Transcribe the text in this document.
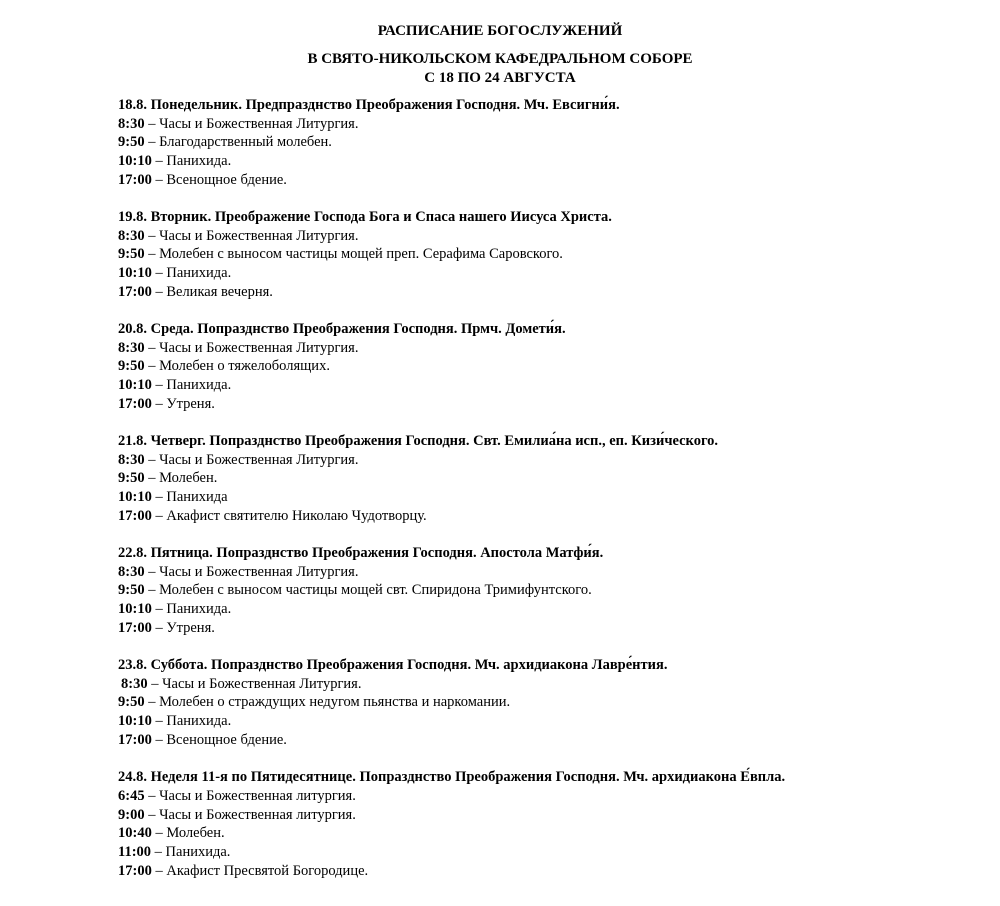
РАСПИСАНИЕ БОГОСЛУЖЕНИЙ
В СВЯТО-НИКОЛЬСКОМ КАФЕДРАЛЬНОМ СОБОРЕ
С 18 ПО 24 АВГУСТА
18.8. Понедельник. Предпразднство Преображения Господня. Мч. Евсигни́я.
8:30 – Часы и Божественная Литургия.
9:50 – Благодарственный молебен.
10:10 – Панихида.
17:00 – Всенощное бдение.
19.8. Вторник. Преображение Господа Бога и Спаса нашего Иисуса Христа.
8:30 – Часы и Божественная Литургия.
9:50 – Молебен с выносом частицы мощей преп. Серафима Саровского.
10:10 – Панихида.
17:00 – Великая вечерня.
20.8. Среда. Попразднство Преображения Господня. Прмч. Домети́я.
8:30 – Часы и Божественная Литургия.
9:50 – Молебен о тяжелоболящих.
10:10 – Панихида.
17:00 – Утреня.
21.8. Четверг. Попразднство Преображения Господня. Свт. Емилиа́на исп., еп. Кизи́ческого.
8:30 – Часы и Божественная Литургия.
9:50 – Молебен.
10:10 – Панихида
17:00 – Акафист святителю Николаю Чудотворцу.
22.8. Пятница. Попразднство Преображения Господня. Апостола Матфи́я.
8:30 – Часы и Божественная Литургия.
9:50 – Молебен с выносом частицы мощей свт. Спиридона Тримифунтского.
10:10 – Панихида.
17:00 – Утреня.
23.8. Суббота. Попразднство Преображения Господня. Мч. архидиакона Лавре́нтия.
8:30 – Часы и Божественная Литургия.
9:50 – Молебен о страждущих недугом пьянства и наркомании.
10:10 – Панихида.
17:00 – Всенощное бдение.
24.8. Неделя 11-я по Пятидесятнице. Попразднство Преображения Господня. Мч. архидиакона Е́впла.
6:45 – Часы и Божественная литургия.
9:00 – Часы и Божественная литургия.
10:40 – Молебен.
11:00 – Панихида.
17:00 – Акафист Пресвятой Богородице.
